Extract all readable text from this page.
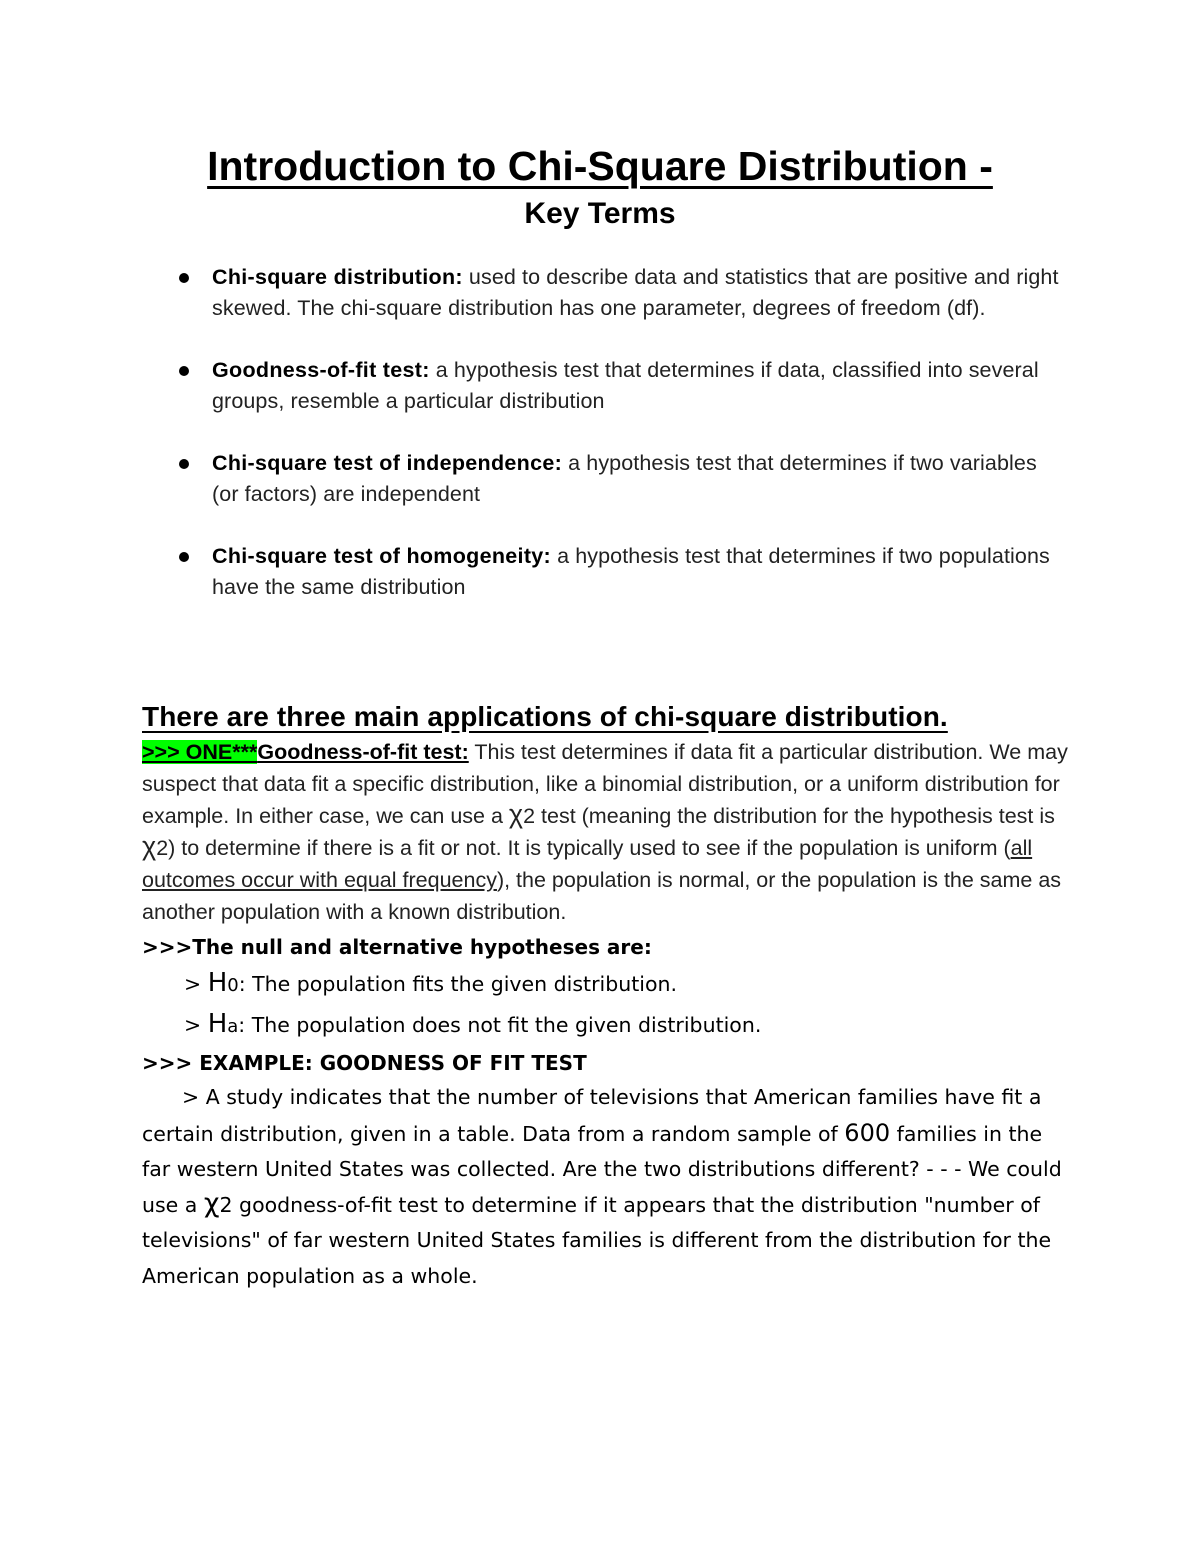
Introduction to Chi-Square Distribution -
Key Terms
Chi-square distribution: used to describe data and statistics that are positive and right skewed. The chi-square distribution has one parameter, degrees of freedom (df).
Goodness-of-fit test: a hypothesis test that determines if data, classified into several groups, resemble a particular distribution
Chi-square test of independence: a hypothesis test that determines if two variables (or factors) are independent
Chi-square test of homogeneity: a hypothesis test that determines if two populations have the same distribution
There are three main applications of chi-square distribution.

>>> ONE***Goodness-of-fit test: This test determines if data fit a particular distribution. We may suspect that data fit a specific distribution, like a binomial distribution, or a uniform distribution for example. In either case, we can use a χ2 test (meaning the distribution for the hypothesis test is χ2) to determine if there is a fit or not. It is typically used to see if the population is uniform (all outcomes occur with equal frequency), the population is normal, or the population is the same as another population with a known distribution.

>>>The null and alternative hypotheses are:

> H0: The population fits the given distribution.

> Ha: The population does not fit the given distribution.

>>> EXAMPLE: GOODNESS OF FIT TEST

> A study indicates that the number of televisions that American families have fit a certain distribution, given in a table. Data from a random sample of 600 families in the far western United States was collected. Are the two distributions different? - - - We could use a χ2 goodness-of-fit test to determine if it appears that the distribution "number of televisions" of far western United States families is different from the distribution for the American population as a whole.
